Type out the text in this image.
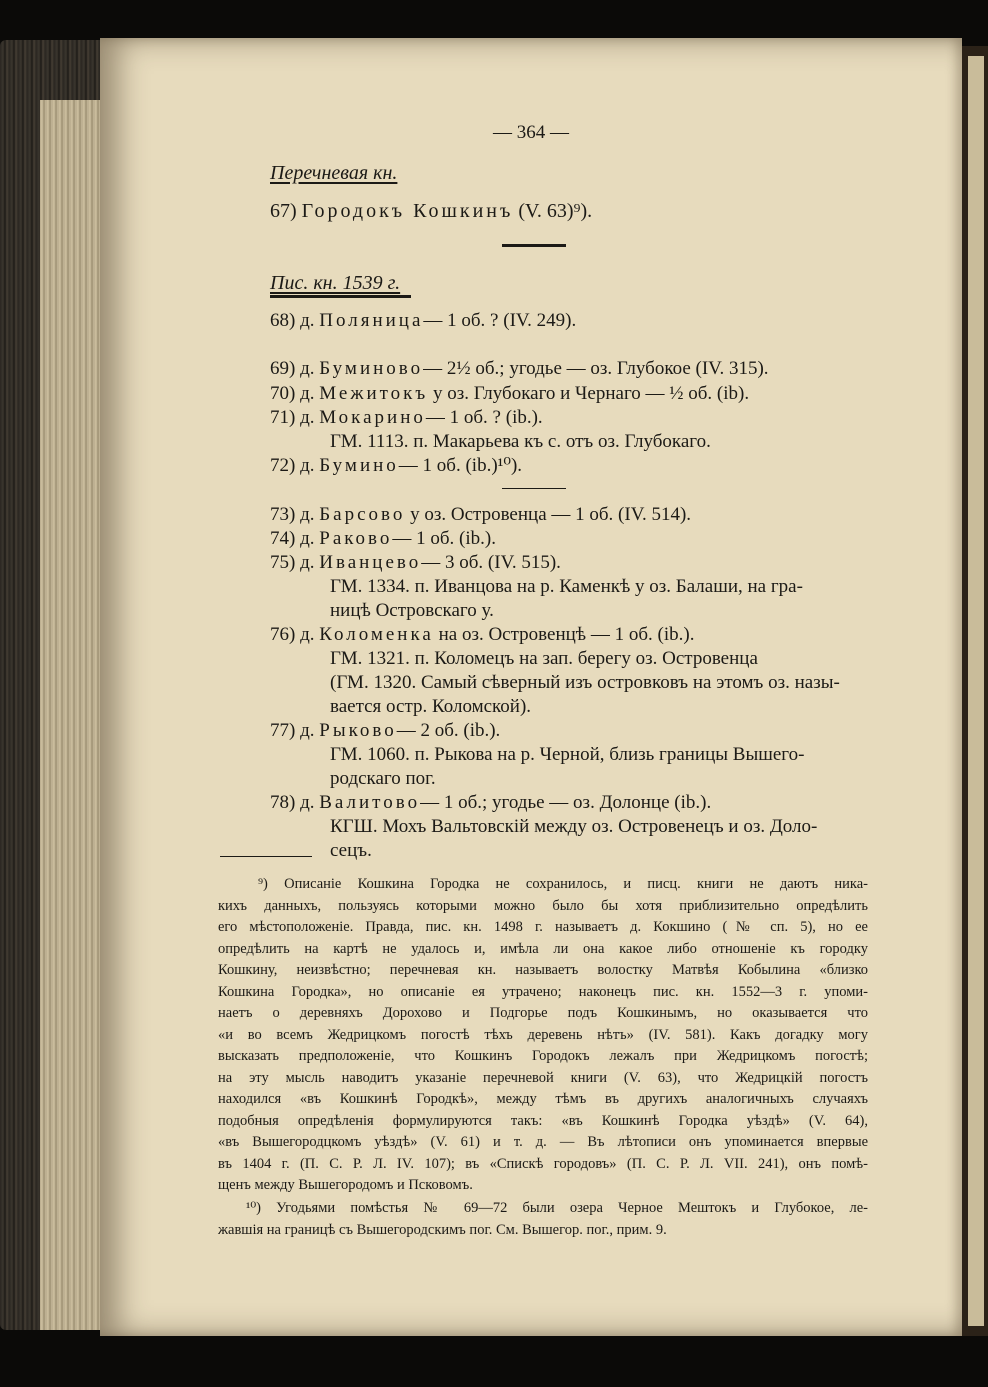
— 364 —
Перечневая кн.
67) Городокъ Кошкинъ (V. 63)⁹).
Пис. кн. 1539 г.
68) д. Поляница— 1 об. ? (IV. 249).
69) д. Буминово— 2½ об.; угодье — оз. Глубокое (IV. 315).
70) д. Межитокъ у оз. Глубокаго и Чернаго — ½ об. (ib).
71) д. Мокарино— 1 об. ? (ib.).
ГМ. 1113. п. Макарьева къ с. отъ оз. Глубокаго.
72) д. Бумино— 1 об. (ib.)¹⁰).
73) д. Барсово у оз. Островенца — 1 об. (IV. 514).
74) д. Раково— 1 об. (ib.).
75) д. Иванцево— 3 об. (IV. 515).
ГМ. 1334. п. Иванцова на р. Каменкѣ у оз. Балаши, на гра-
ницѣ Островскаго у.
76) д. Коломенка на оз. Островенцѣ — 1 об. (ib.).
ГМ. 1321. п. Коломецъ на зап. берегу оз. Островенца
(ГМ. 1320. Самый сѣверный изъ островковъ на этомъ оз. назы-
вается остр. Коломской).
77) д. Рыково— 2 об. (ib.).
ГМ. 1060. п. Рыкова на р. Черной, близь границы Вышего-
родскаго пог.
78) д. Валитово— 1 об.; угодье — оз. Долонце (ib.).
КГШ. Мохъ Вальтовскій между оз. Островенецъ и оз. Доло-
сецъ.
⁹) Описаніе Кошкина Городка не сохранилось, и писц. книги не даютъ ника-
кихъ данныхъ, пользуясь которыми можно было бы хотя приблизительно опредѣлить
его мѣстоположеніе. Правда, пис. кн. 1498 г. называетъ д. Кокшино (№ сп. 5), но ее
опредѣлить на картѣ не удалось и, имѣла ли она какое либо отношеніе къ городку
Кошкину, неизвѣстно; перечневая кн. называетъ волостку Матвѣя Кобылина «близко
Кошкина Городка», но описаніе ея утрачено; наконецъ пис. кн. 1552—3 г. упоми-
наетъ о деревняхъ Дорохово и Подгорье подъ Кошкинымъ, но оказывается что
«и во всемъ Жедрицкомъ погостѣ тѣхъ деревень нѣтъ» (IV. 581). Какъ догадку могу
высказать предположеніе, что Кошкинъ Городокъ лежалъ при Жедрицкомъ погостѣ;
на эту мысль наводитъ указаніе перечневой книги (V. 63), что Жедрицкій погостъ
находился «въ Кошкинѣ Городкѣ», между тѣмъ въ другихъ аналогичныхъ случаяхъ
подобныя опредѣленія формулируются такъ: «въ Кошкинѣ Городка уѣздѣ» (V. 64),
«въ Вышегородцкомъ уѣздѣ» (V. 61) и т. д. — Въ лѣтописи онъ упоминается впервые
въ 1404 г. (П. С. Р. Л. IV. 107); въ «Спискѣ городовъ» (П. С. Р. Л. VII. 241), онъ помѣ-
щенъ между Вышегородомъ и Псковомъ.
¹⁰) Угодьями помѣстья № 69—72 были озера Черное Мештокъ и Глубокое, ле-
жавшія на границѣ съ Вышегородскимъ пог. См. Вышегор. пог., прим. 9.
